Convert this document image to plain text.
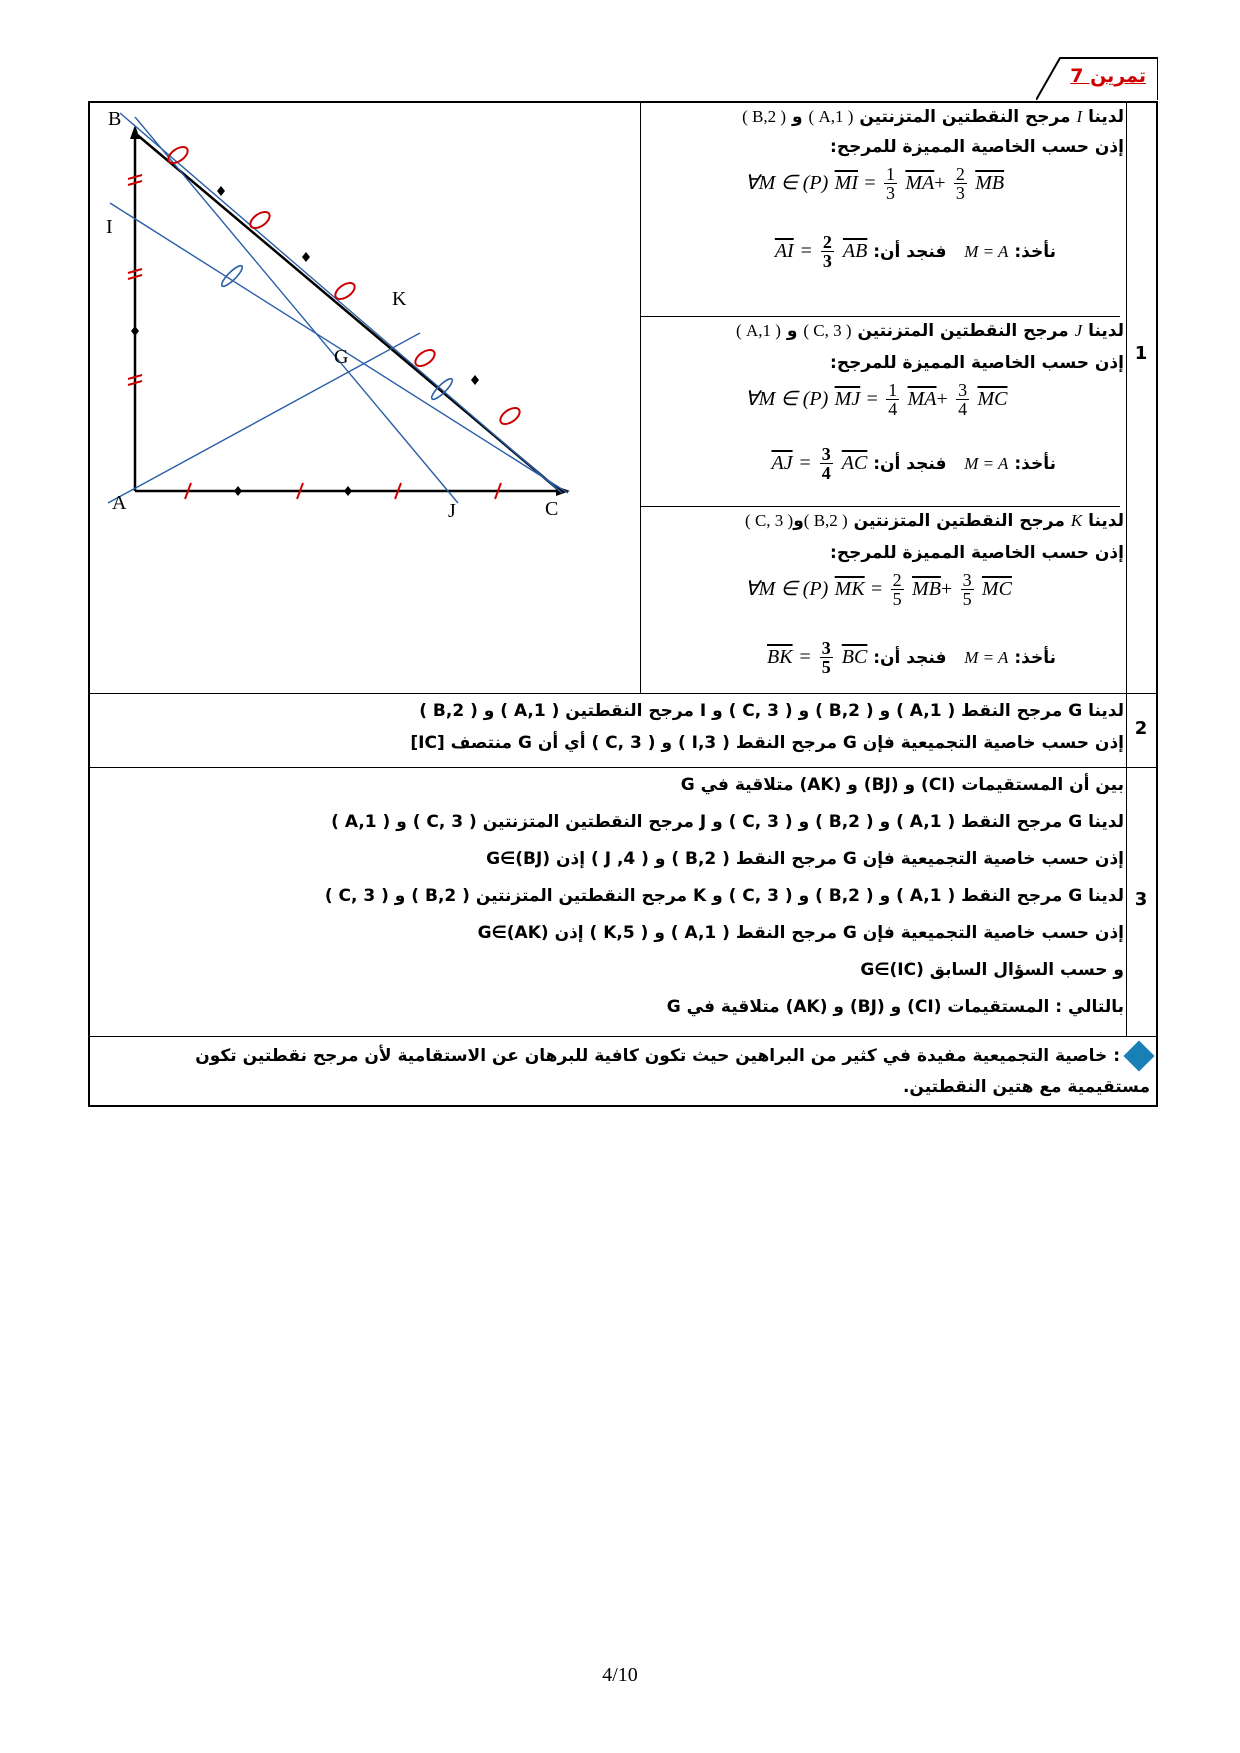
تمرين 7
B
I
K
G
A	J	C
1
لدينا I مرجح النقطتين المتزنتين ( A,1 ) و ( B,2 )
إذن حسب الخاصية المميزة للمرجح:
∀M ∈ (P) $\overline{MI} = \frac{1}{3} \overline{MA}+ \frac{2}{3} \overline{MB}$
نأخذ: M = A   فنجد أن: $\overline{AI} = \frac{2}{3} \overline{AB}$
لدينا J مرجح النقطتين المتزنتين ( C, 3 ) و ( A,1 )
إذن حسب الخاصية المميزة للمرجح:
∀M ∈ (P) $\overline{MJ} = \frac{1}{4} \overline{MA}+ \frac{3}{4} \overline{MC}$
نأخذ: M = A   فنجد أن: $\overline{AJ} = \frac{3}{4} \overline{AC}$
لدينا K مرجح النقطتين المتزنتين ( B,2 )و( C, 3 )
إذن حسب الخاصية المميزة للمرجح:
∀M ∈ (P) $\overline{MK} = \frac{2}{5} \overline{MB}+ \frac{3}{5} \overline{MC}$
نأخذ: M = A   فنجد أن: $\overline{BK} = \frac{3}{5} \overline{BC}$
2
لدينا G مرجح النقط ( A,1 ) و ( B,2 ) و ( C, 3 ) و I مرجح النقطتين ( A,1 ) و ( B,2 )
إذن حسب خاصية التجميعية فإن G مرجح النقط ( I,3 ) و ( C, 3 ) أي أن G منتصف [IC]
3
بين أن المستقيمات (CI) و (BJ) و (AK) متلاقية في G
لدينا G مرجح النقط ( A,1 ) و ( B,2 ) و ( C, 3 ) و J مرجح النقطتين المتزنتين ( C, 3 ) و ( A,1 )
إذن حسب خاصية التجميعية فإن G مرجح النقط ( B,2 ) و ( J ,4 ) إذن G∈(BJ)
لدينا G مرجح النقط ( A,1 ) و ( B,2 ) و ( C, 3 ) و K مرجح النقطتين المتزنتين ( B,2 ) و ( C, 3 )
إذن حسب خاصية التجميعية فإن G مرجح النقط ( A,1 ) و ( K,5 ) إذن G∈(AK)
و حسب السؤال السابق G∈(IC)
بالتالي : المستقيمات (CI) و (BJ) و (AK) متلاقية في G
: خاصية التجميعية مفيدة في كثير من البراهين حيث تكون كافية للبرهان عن الاستقامية لأن مرجح نقطتين تكون
مستقيمية مع هتين النقطتين.
4/10
